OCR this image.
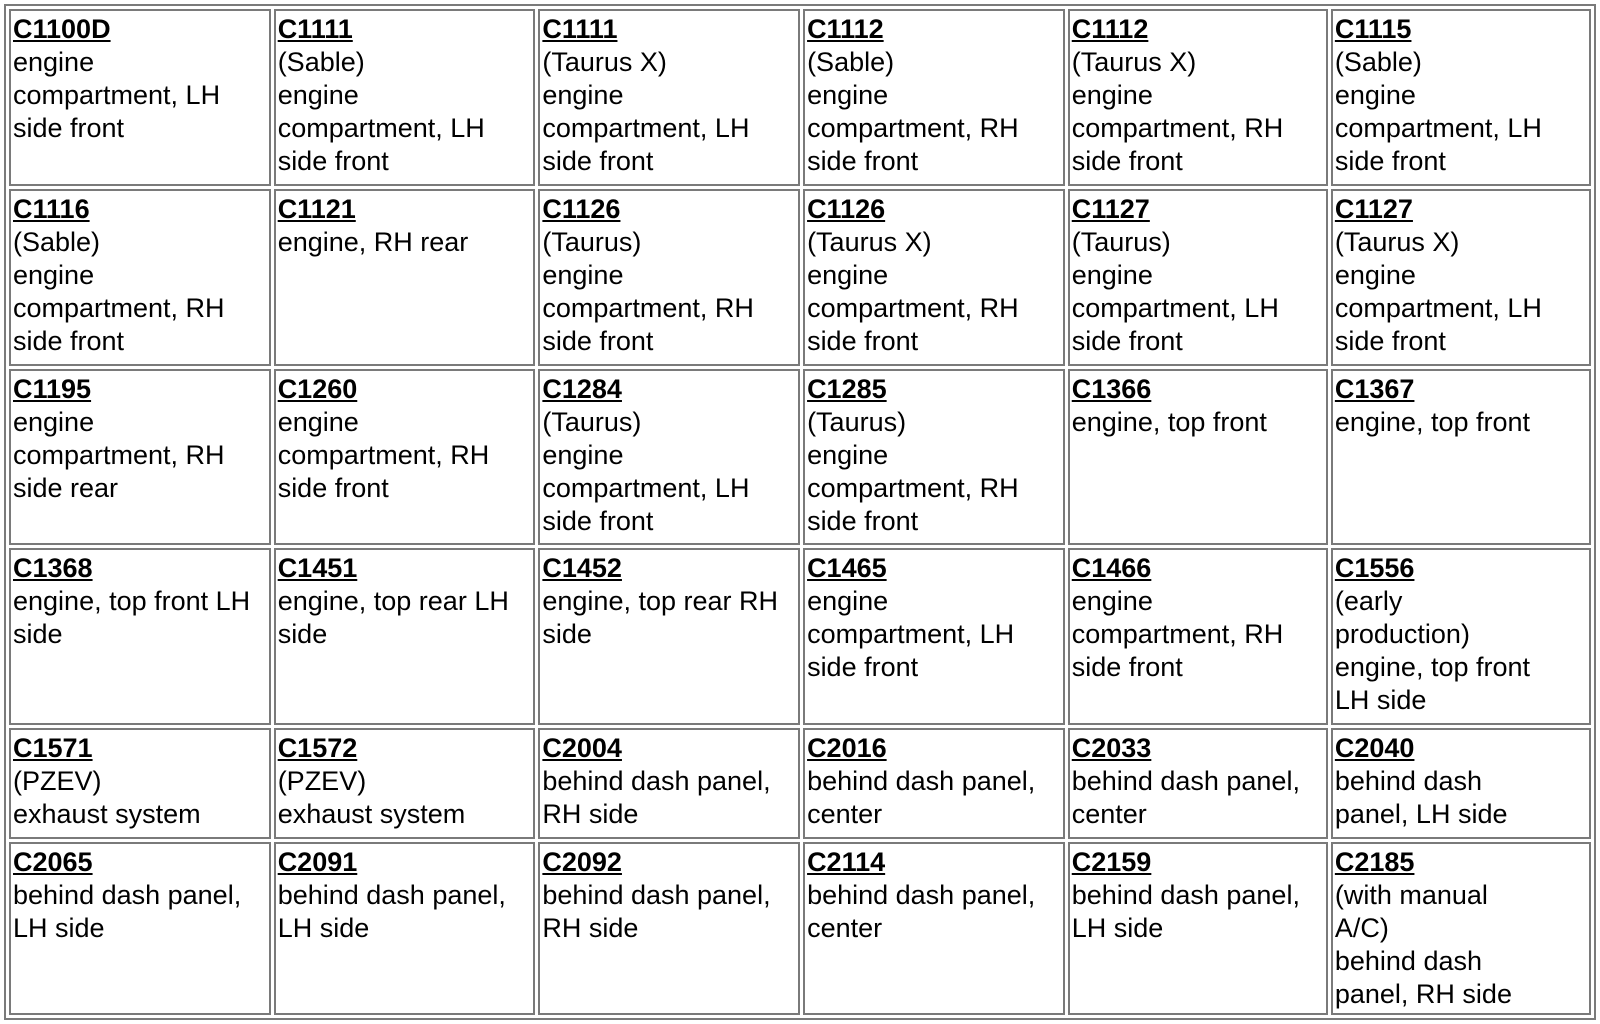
C1100D
engine
compartment, LH
side front	C1111
(Sable)
engine
compartment, LH
side front	C1111
(Taurus X)
engine
compartment, LH
side front	C1112
(Sable)
engine
compartment, RH
side front	C1112
(Taurus X)
engine
compartment, RH
side front	C1115
(Sable)
engine
compartment, LH
side front

C1116
(Sable)
engine
compartment, RH
side front	C1121
engine, RH rear	C1126
(Taurus)
engine
compartment, RH
side front	C1126
(Taurus X)
engine
compartment, RH
side front	C1127
(Taurus)
engine
compartment, LH
side front	C1127
(Taurus X)
engine
compartment, LH
side front

C1195
engine
compartment, RH
side rear	C1260
engine
compartment, RH
side front	C1284
(Taurus)
engine
compartment, LH
side front	C1285
(Taurus)
engine
compartment, RH
side front	C1366
engine, top front	C1367
engine, top front

C1368
engine, top front LH
side	C1451
engine, top rear LH
side	C1452
engine, top rear RH
side	C1465
engine
compartment, LH
side front	C1466
engine
compartment, RH
side front	C1556
(early
production)
engine, top front
LH side

C1571
(PZEV)
exhaust system	C1572
(PZEV)
exhaust system	C2004
behind dash panel,
RH side	C2016
behind dash panel,
center	C2033
behind dash panel,
center	C2040
behind dash
panel, LH side

C2065
behind dash panel,
LH side	C2091
behind dash panel,
LH side	C2092
behind dash panel,
RH side	C2114
behind dash panel,
center	C2159
behind dash panel,
LH side	C2185
(with manual
A/C)
behind dash
panel, RH side
